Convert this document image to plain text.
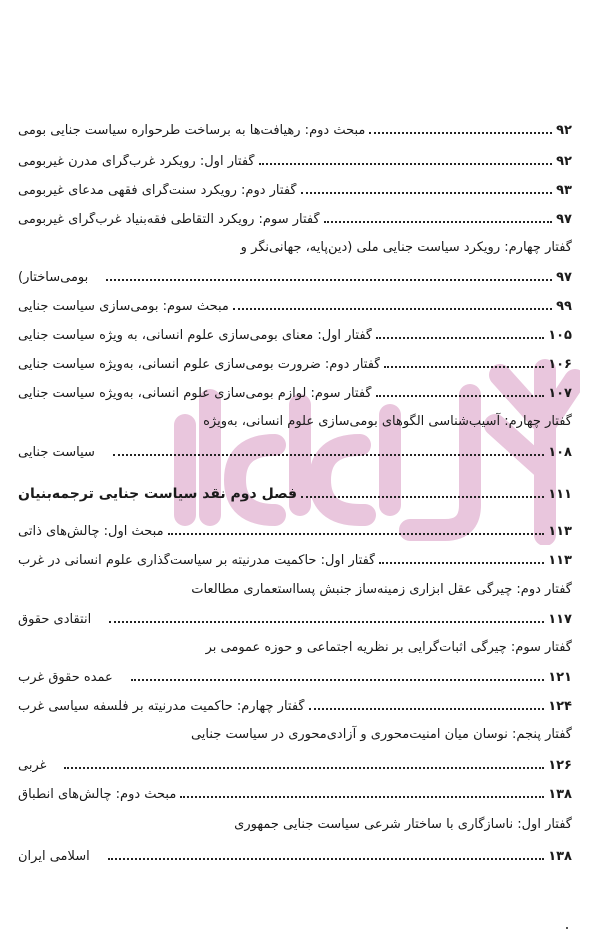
مبحث دوم: رهیافت‌ها به برساخت طرحواره سیاست جنایی بومی	۹۲
گفتار اول: رویکرد غرب‌گرای مدرن غیربومی	۹۲
گفتار دوم: رویکرد سنت‌گرای فقهی مدعای غیربومی	۹۳
گفتار سوم: رویکرد التقاطی فقه‌بنیاد غرب‌گرای غیربومی	۹۷
گفتار چهارم: رویکرد سیاست جنایی ملی (دین‌پایه، جهانی‌نگر و
بومی‌ساختار)	۹۷
مبحث سوم: بومی‌سازی سیاست جنایی	۹۹
گفتار اول: معنای بومی‌سازی علوم انسانی، به ویژه سیاست جنایی	۱۰۵
گفتار دوم: ضرورت بومی‌سازی علوم انسانی، به‌ویژه سیاست جنایی	۱۰۶
گفتار سوم: لوازم بومی‌سازی علوم انسانی، به‌ویژه سیاست جنایی	۱۰۷
گفتار چهارم: آسیب‌شناسی الگوهای بومی‌سازی علوم انسانی، به‌ویژه
سیاست جنایی	۱۰۸
فصل دوم نقد سیاست جنایی ترجمه‌بنیان	۱۱۱
مبحث اول: چالش‌های ذاتی	۱۱۳
گفتار اول: حاکمیت مدرنیته بر سیاست‌گذاری علوم انسانی در غرب	۱۱۳
گفتار دوم: چیرگی عقل ابزاری زمینه‌ساز جنبش پسااستعماری مطالعات
انتقادی حقوق	۱۱۷
گفتار سوم: چیرگی اثبات‌گرایی بر نظریه اجتماعی و حوزه عمومی بر
عمده حقوق غرب	۱۲۱
گفتار چهارم: حاکمیت مدرنیته بر فلسفه سیاسی غرب	۱۲۴
گفتار پنجم: نوسان میان امنیت‌محوری و آزادی‌محوری در سیاست جنایی
غربی	۱۲۶
مبحث دوم: چالش‌های انطباق	۱۳۸
گفتار اول: ناسازگاری با ساختار شرعی سیاست جنایی جمهوری
اسلامی ایران	۱۳۸
